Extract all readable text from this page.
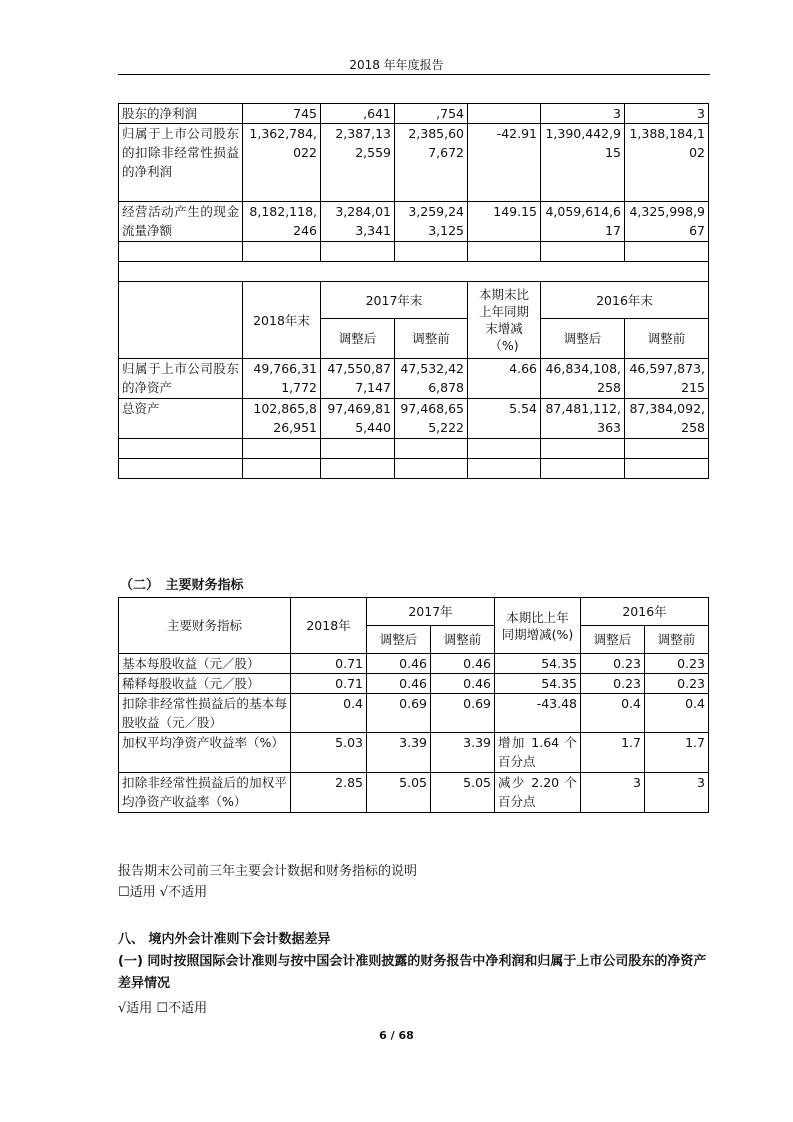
2018 年年度报告
股东的净利润	745	,641	,754		3	3
归属于上市公司股东的扣除非经常性损益的净利润	1,362,784,022	2,387,132,559	2,385,607,672	-42.91	1,390,442,915	1,388,184,102
经营活动产生的现金流量净额	8,182,118,246	3,284,013,341	3,259,243,125	149.15	4,059,614,617	4,325,998,967

	2018年末	2017年末		本期末比上年同期末增减（%)	2016年末	
		调整后	调整前		调整后	调整前
归属于上市公司股东的净资产	49,766,311,772	47,550,877,147	47,532,426,878	4.66	46,834,108,258	46,597,873,215
总资产	102,865,826,951	97,469,815,440	97,468,655,222	5.54	87,481,112,363	87,384,092,258

（二）　主要财务指标
主要财务指标	2018年	2017年		本期比上年同期增减(%)	2016年	
		调整后	调整前		调整后	调整前
基本每股收益（元／股）	0.71	0.46	0.46	54.35	0.23	0.23
稀释每股收益（元／股）	0.71	0.46	0.46	54.35	0.23	0.23
扣除非经常性损益后的基本每股收益（元／股）	0.4	0.69	0.69	-43.48	0.4	0.4
加权平均净资产收益率（%）	5.03	3.39	3.39	增加 1.64 个百分点	1.7	1.7
扣除非经常性损益后的加权平均净资产收益率（%）	2.85	5.05	5.05	减少 2.20 个百分点	3	3
报告期末公司前三年主要会计数据和财务指标的说明
☐适用 √不适用
八、 境内外会计准则下会计数据差异
(一) 同时按照国际会计准则与按中国会计准则披露的财务报告中净利润和归属于上市公司股东的净资产差异情况
√适用 ☐不适用
6 / 68
